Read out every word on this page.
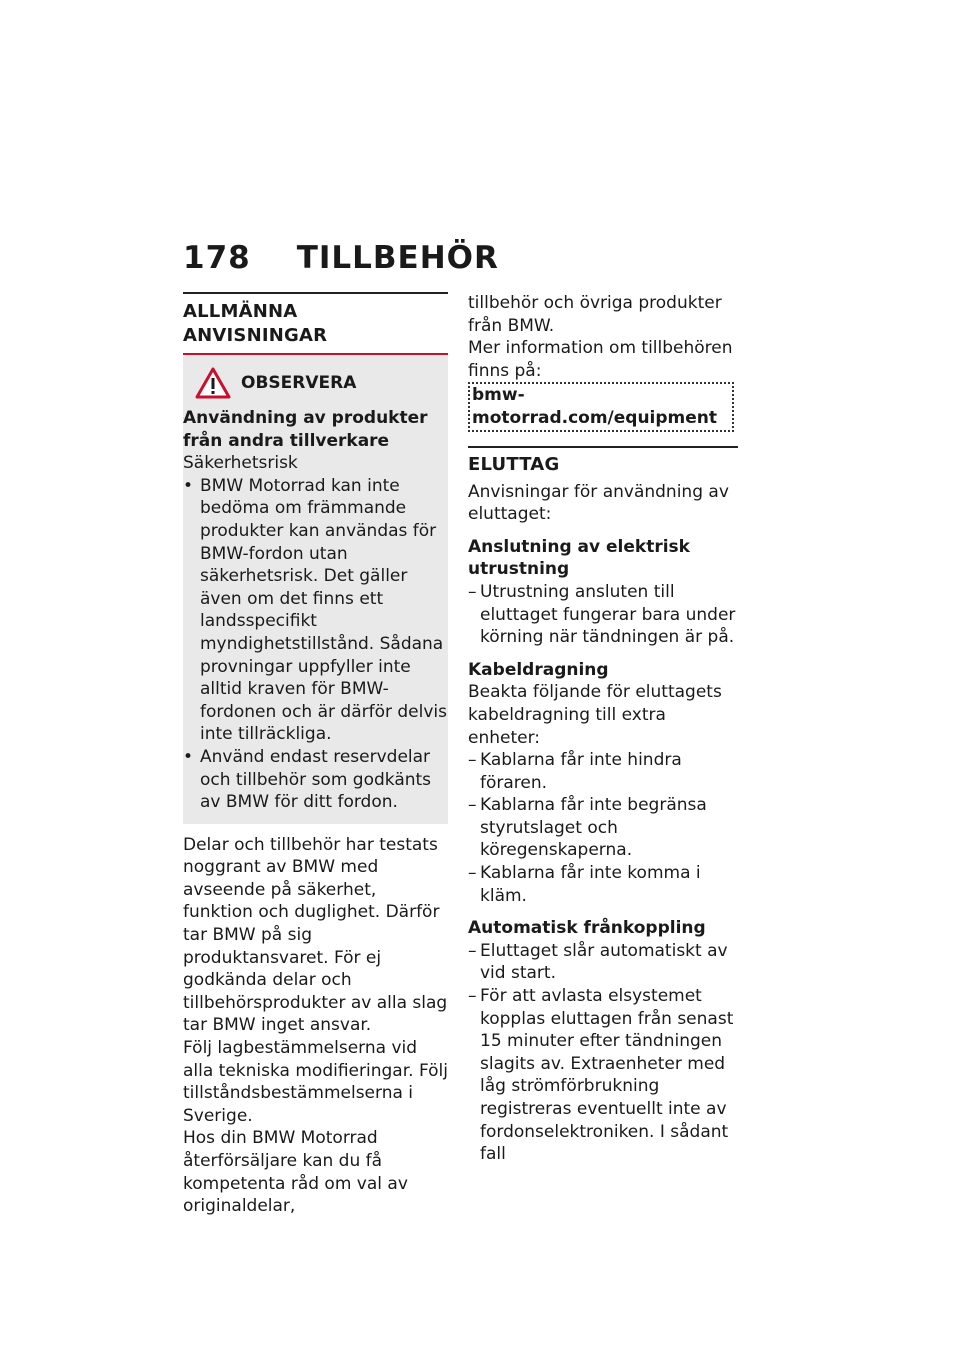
178 TILLBEHÖR
ALLMÄNNA ANVISNINGAR
OBSERVERA

Användning av produkter från andra tillverkare

Säkerhetsrisk

• BMW Motorrad kan inte bedöma om främmande produkter kan användas för BMW-fordon utan säkerhetsrisk. Det gäller även om det finns ett landsspecifikt myndighetstillstånd. Sådana provningar uppfyller inte alltid kraven för BMW-fordonen och är därför delvis inte tillräckliga.
• Använd endast reservdelar och tillbehör som godkänts av BMW för ditt fordon.

Delar och tillbehör har testats noggrant av BMW med avseende på säkerhet, funktion och duglighet. Därför tar BMW på sig produktansvaret. För ej godkända delar och tillbehörsprodukter av alla slag tar BMW inget ansvar.

Följ lagbestämmelserna vid alla tekniska modifieringar. Följ tillståndsbestämmelserna i Sverige.

Hos din BMW Motorrad återförsäljare kan du få kompetenta råd om val av originaldelar,

tillbehör och övriga produkter från BMW.

Mer information om tillbehören finns på:

bmw-motorrad.com/equipment
ELUTTAG

Anvisningar för användning av eluttaget:

Anslutning av elektrisk utrustning

– Utrustning ansluten till eluttaget fungerar bara under körning när tändningen är på.

Kabeldragning

Beakta följande för eluttagets kabeldragning till extra enheter:

– Kablarna får inte hindra föraren.
– Kablarna får inte begränsa styrutslaget och köregenskaperna.
– Kablarna får inte komma i kläm.

Automatisk frånkoppling

– Eluttaget slår automatiskt av vid start.
– För att avlasta elsystemet kopplas eluttagen från senast 15 minuter efter tändningen slagits av. Extraenheter med låg strömförbrukning registreras eventuellt inte av fordonselektroniken. I sådant fall
